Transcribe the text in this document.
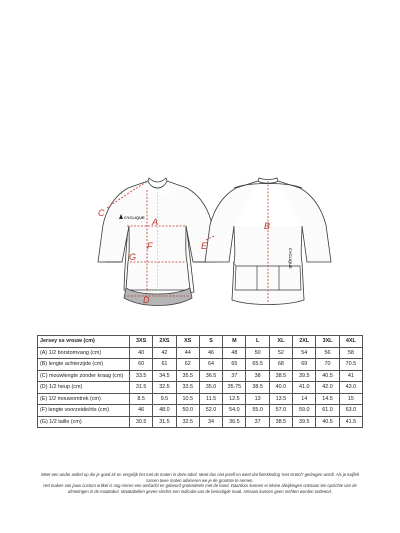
CYCLIQUE
CYCLIQUE
C
A
F
G
D
B
E
Jersey ss vrouw (cm)	3XS	2XS	XS	S	M	L	XL	2XL	3XL	4XL
(A) 1/2 borstomvang (cm)	40	42	44	46	48	50	52	54	56	58
(B) lengte achterzijde (cm)	60	61	62	64	65	65.5	68	69	70	70.5
(C) mouwlengte zonder kraag (cm)	33.5	34.5	35.5	36.5	37	38	38.5	39.5	40.5	41
(D) 1/2 heup (cm)	31.5	32.5	33.5	35.0	35.75	38.5	40.0	41.0	42.0	43.0
(E) 1/2 mouwomtrek (cm)	8.5	9.5	10.5	11.5	12.5	13	13.5	14	14.5	15
(F) lengte voorzeide/rits (cm)	46	48.0	50.0	52.0	54.0	55.0	57.0	59.0	61.0	63.0
(G) 1/2 taille (cm)	30.5	31.5	32.5	34	36.5	37	38.5	39.5	40.5	41.5

Meet een ander artikel op die je goed zit en vergelijk het met de maten in deze tabel. Meet dus niet jezelf en weet dat fietskleding ‘met stretch’ gedragen wordt. Als je twijfelt

tussen twee maten adviseren we je de grootste te nemen.

Het maken van jouw custom artikel is nog immer een ambacht en gebeurd grotendeels met de hand. Daardoor kunnen er kleine afwijkingen ontstaan ten opzichte van de

afmetingen in de maattabel. Maattabellen geven slechts een indicatie van de benodigde maat. Hieraan kunnen geen rechten worden ontleend.
